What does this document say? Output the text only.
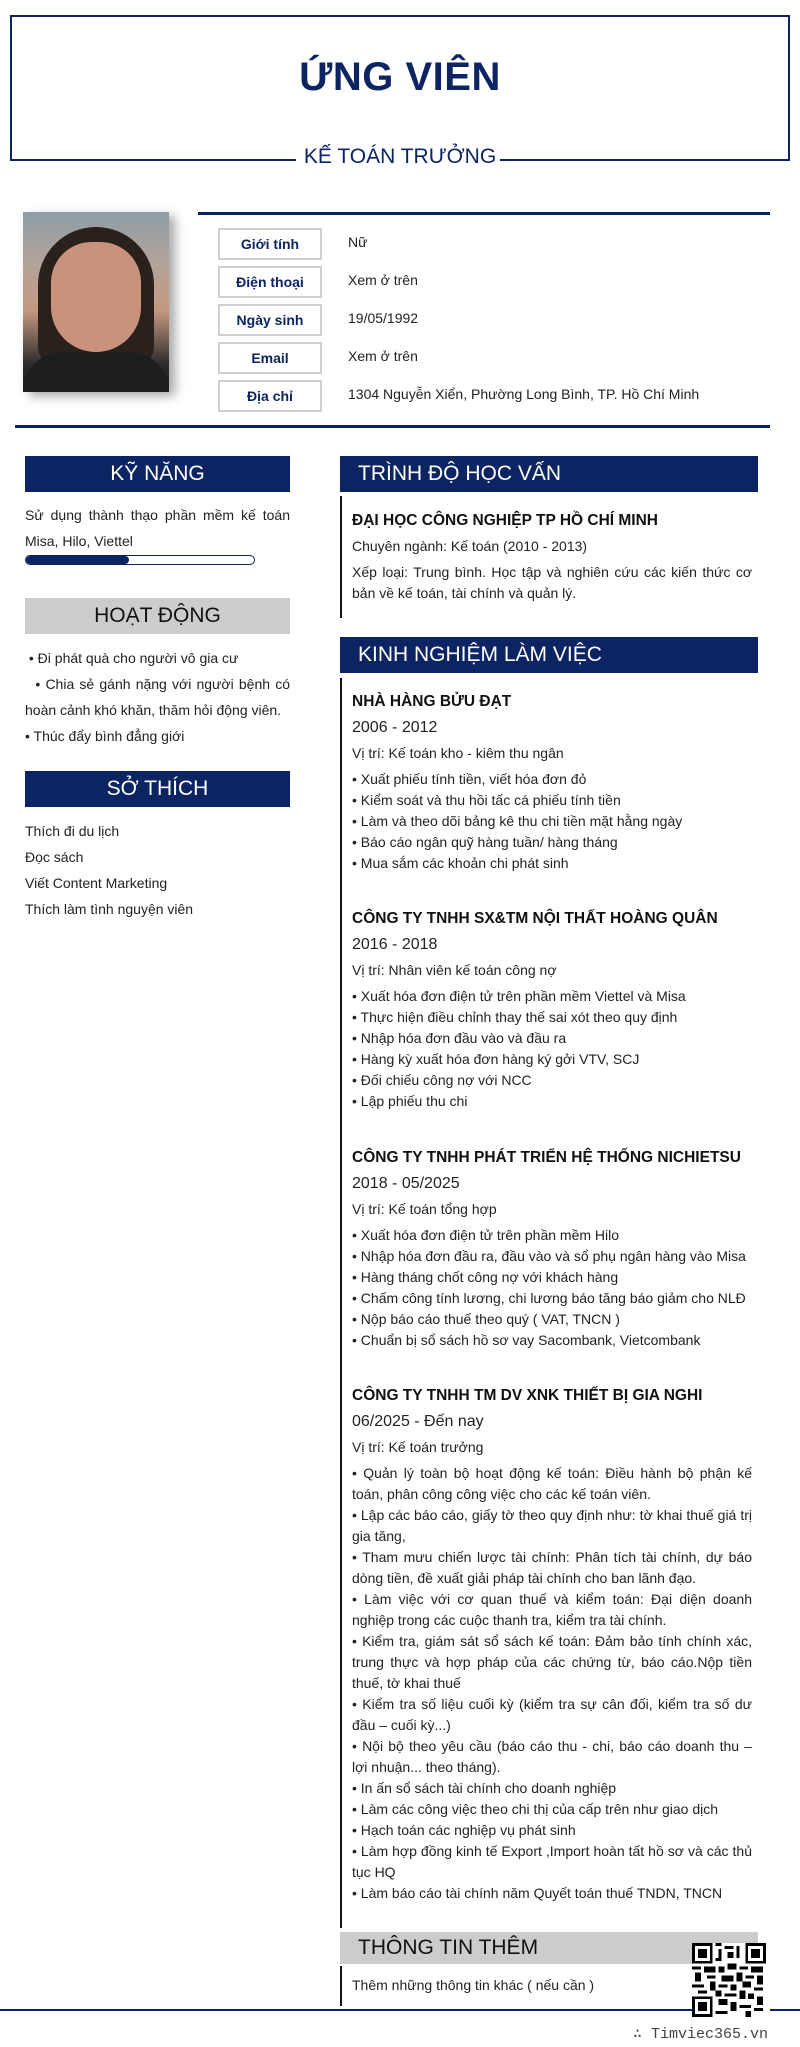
ỨNG VIÊN
KẾ TOÁN TRƯỞNG
Giới tính	Nữ
Điện thoại	Xem ở trên
Ngày sinh	19/05/1992
Email	Xem ở trên
Địa chỉ	1304 Nguyễn Xiển, Phường Long Bình, TP. Hồ Chí Minh
KỸ NĂNG
Sử dụng thành thạo phần mềm kế toán Misa, Hilo, Viettel
HOẠT ĐỘNG
• Đi phát quà cho người vô gia cư
• Chia sẻ gánh nặng với người bệnh có hoàn cảnh khó khăn, thăm hỏi động viên.
• Thúc đẩy bình đẳng giới
SỞ THÍCH
Thích đi du lịch
Đọc sách
Viết Content Marketing
Thích làm tình nguyện viên
TRÌNH ĐỘ HỌC VẤN
ĐẠI HỌC CÔNG NGHIỆP TP HỒ CHÍ MINH
Chuyên ngành: Kế toán (2010 - 2013)
Xếp loại: Trung bình. Học tập và nghiên cứu các kiến thức cơ bản về kế toán, tài chính và quản lý.
KINH NGHIỆM LÀM VIỆC
NHÀ HÀNG BỬU ĐẠT
2006 - 2012
Vị trí: Kế toán kho - kiêm thu ngân
• Xuất phiếu tính tiền, viết hóa đơn đỏ
• Kiểm soát và thu hồi tấc cá phiếu tính tiền
• Làm và theo dõi bảng kê thu chi tiền mặt hằng ngày
• Báo cáo ngân quỹ hàng tuần/ hàng tháng
• Mua sắm các khoản chi phát sinh
CÔNG TY TNHH SX&TM NỘI THẤT HOÀNG QUÂN
2016 - 2018
Vị trí: Nhân viên kế toán công nợ
• Xuất hóa đơn điện tử trên phần mềm Viettel và Misa
• Thực hiện điều chỉnh thay thế sai xót theo quy định
• Nhập hóa đơn đầu vào và đầu ra
• Hàng kỳ xuất hóa đơn hàng ký gởi VTV, SCJ
• Đối chiếu công nợ với NCC
• Lập phiếu thu chi
CÔNG TY TNHH PHÁT TRIỂN HỆ THỐNG NICHIETSU
2018 - 05/2025
Vị trí: Kế toán tổng hợp
• Xuất hóa đơn điện tử trên phần mềm Hilo
• Nhập hóa đơn đầu ra, đầu vào và sổ phụ ngân hàng vào Misa
• Hàng tháng chốt công nợ với khách hàng
• Chấm công tính lương, chi lương báo tăng báo giảm cho NLĐ
• Nộp báo cáo thuế theo quý ( VAT, TNCN )
• Chuẩn bị sổ sách hồ sơ vay Sacombank, Vietcombank
CÔNG TY TNHH TM DV XNK THIẾT BỊ GIA NGHI
06/2025 - Đến nay
Vị trí: Kế toán trưởng
• Quản lý toàn bộ hoạt động kế toán: Điều hành bộ phận kế toán, phân công công việc cho các kế toán viên.
• Lập các báo cáo, giấy tờ theo quy định như: tờ khai thuế giá trị gia tăng,
• Tham mưu chiến lược tài chính: Phân tích tài chính, dự báo dòng tiền, đề xuất giải pháp tài chính cho ban lãnh đạo.
• Làm việc với cơ quan thuế và kiểm toán: Đại diện doanh nghiệp trong các cuộc thanh tra, kiểm tra tài chính.
• Kiểm tra, giám sát sổ sách kế toán: Đảm bảo tính chính xác, trung thực và hợp pháp của các chứng từ, báo cáo.Nộp tiền thuế, tờ khai thuế
• Kiểm tra số liệu cuối kỳ (kiểm tra sự cân đối, kiểm tra số dư đầu – cuối kỳ...)
• Nội bộ theo yêu cầu (báo cáo thu - chi, báo cáo doanh thu – lợi nhuận... theo tháng).
• In ấn sổ sách tài chính cho doanh nghiệp
• Làm các công việc theo chi thị của cấp trên như giao dịch
• Hạch toán các nghiệp vụ phát sinh
• Làm hợp đồng kinh tế Export ,Import hoàn tất hồ sơ và các thủ tục HQ
• Làm báo cáo tài chính năm Quyết toán thuế TNDN, TNCN
THÔNG TIN THÊM
Thêm những thông tin khác ( nếu cần )
∴ Timviec365.vn
